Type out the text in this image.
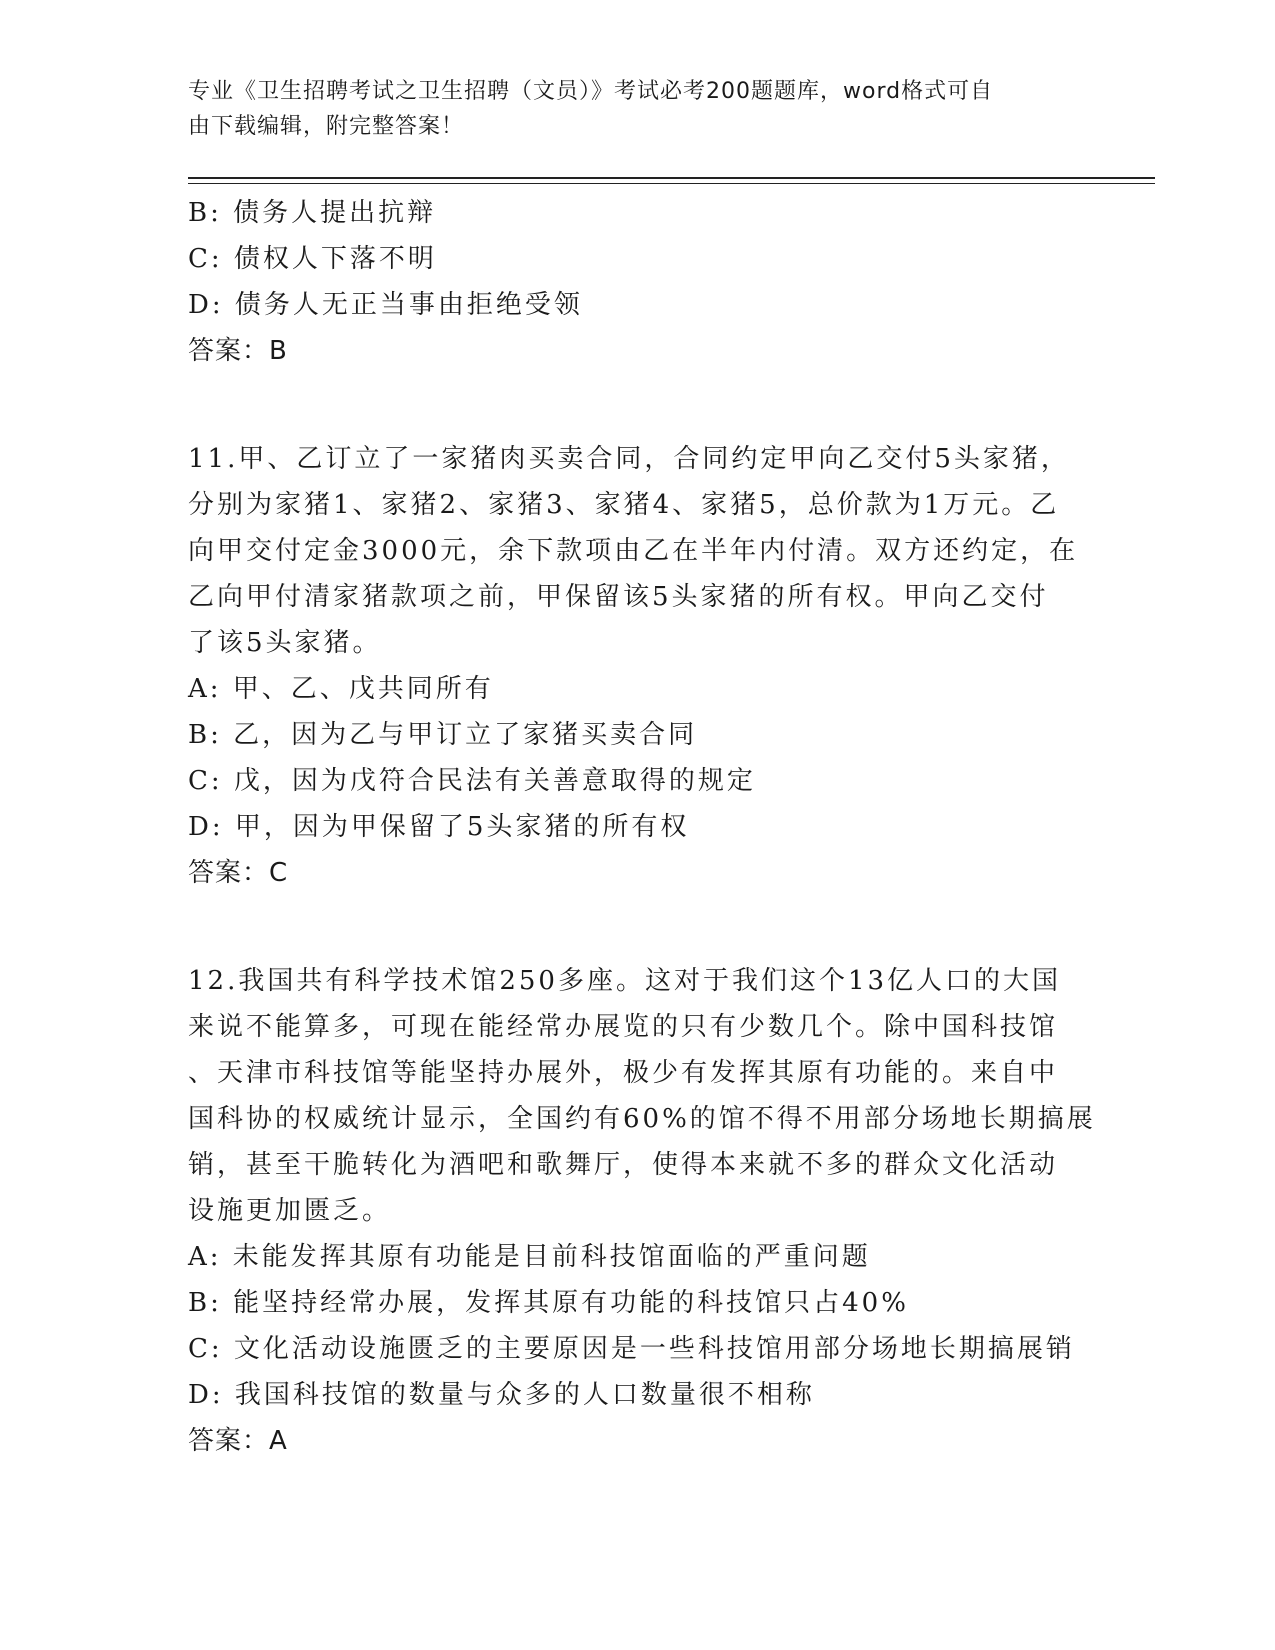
专业《卫生招聘考试之卫生招聘（文员）》考试必考200题题库，word格式可自
由下载编辑，附完整答案！
B: 债务人提出抗辩
C: 债权人下落不明
D: 债务人无正当事由拒绝受领
答案：B
11.甲、乙订立了一家猪肉买卖合同，合同约定甲向乙交付5头家猪，
分别为家猪1、家猪2、家猪3、家猪4、家猪5，总价款为1万元。乙
向甲交付定金3000元，余下款项由乙在半年内付清。双方还约定，在
乙向甲付清家猪款项之前，甲保留该5头家猪的所有权。甲向乙交付
了该5头家猪。
A: 甲、乙、戊共同所有
B: 乙，因为乙与甲订立了家猪买卖合同
C: 戊，因为戊符合民法有关善意取得的规定
D: 甲，因为甲保留了5头家猪的所有权
答案：C
12.我国共有科学技术馆250多座。这对于我们这个13亿人口的大国
来说不能算多，可现在能经常办展览的只有少数几个。除中国科技馆
、天津市科技馆等能坚持办展外，极少有发挥其原有功能的。来自中
国科协的权威统计显示，全国约有60%的馆不得不用部分场地长期搞展
销，甚至干脆转化为酒吧和歌舞厅，使得本来就不多的群众文化活动
设施更加匮乏。
A: 未能发挥其原有功能是目前科技馆面临的严重问题
B: 能坚持经常办展，发挥其原有功能的科技馆只占40%
C: 文化活动设施匮乏的主要原因是一些科技馆用部分场地长期搞展销
D: 我国科技馆的数量与众多的人口数量很不相称
答案：A
